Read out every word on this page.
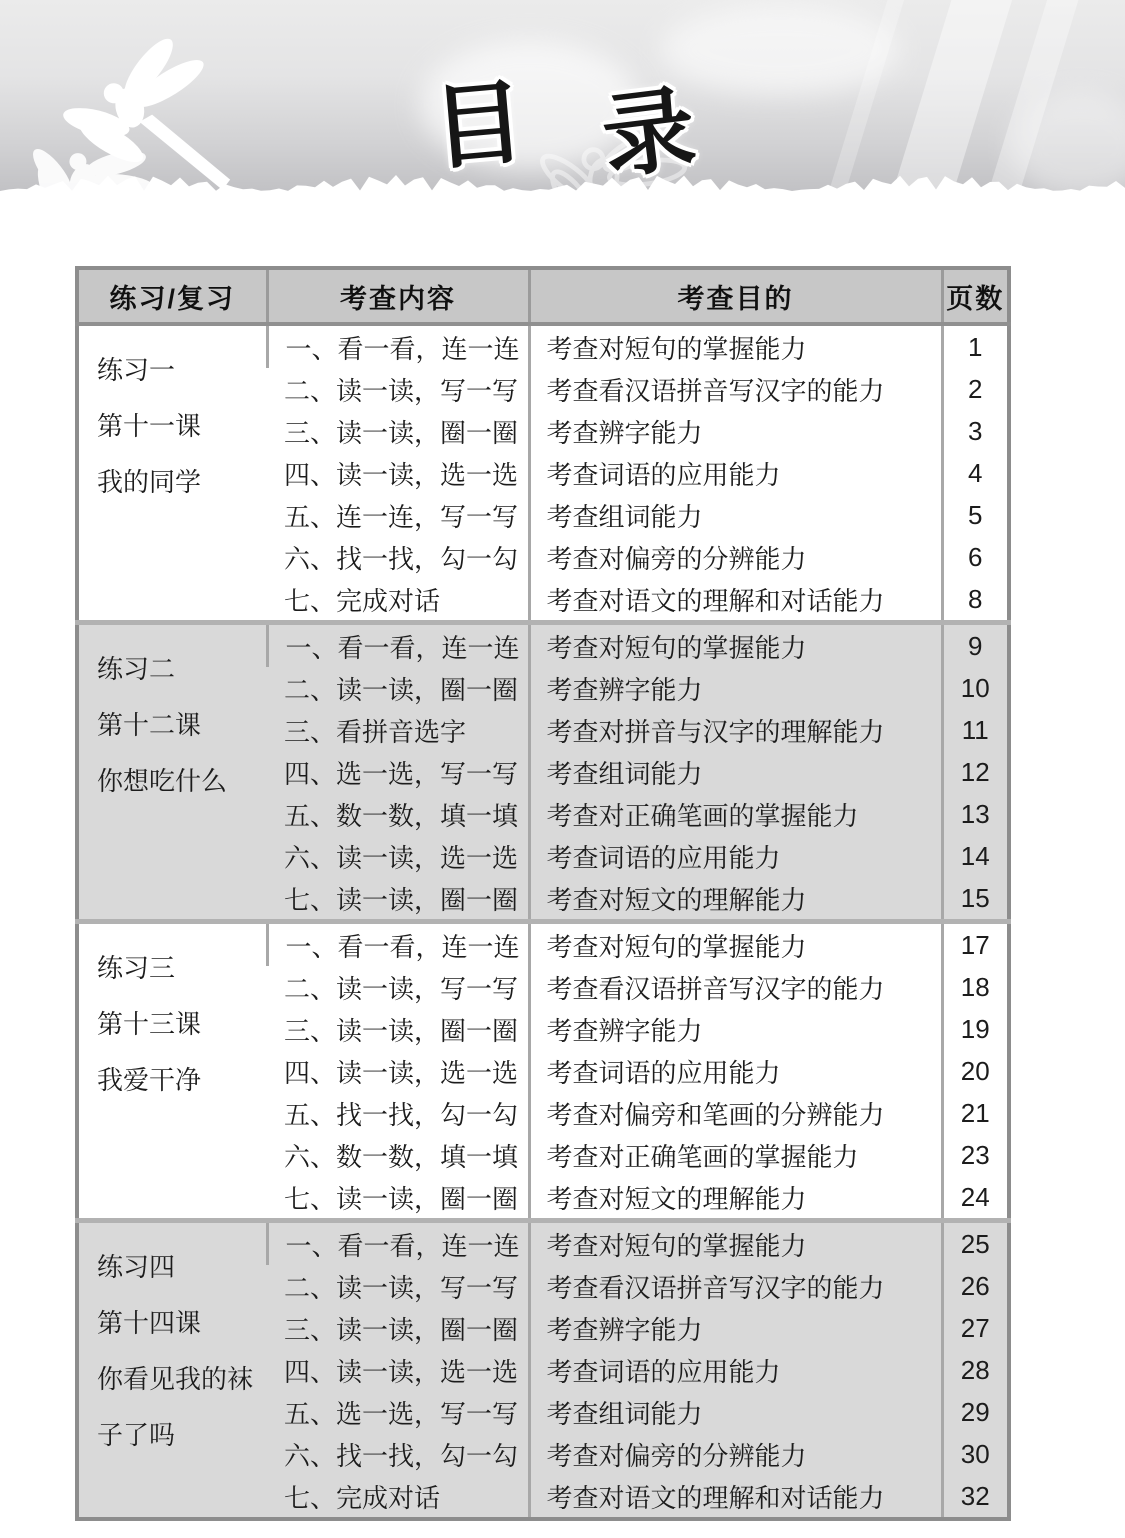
目 录
练习/复习	考查内容	考查目的	页数

练习一
第十一课
我的同学	一、看一看，连一连	考查对短句的掌握能力	1
	二、读一读，写一写	考查看汉语拼音写汉字的能力	2
	三、读一读，圈一圈	考查辨字能力	3
	四、读一读，选一选	考查词语的应用能力	4
	五、连一连，写一写	考查组词能力	5
	六、找一找，勾一勾	考查对偏旁的分辨能力	6
	七、完成对话	考查对语文的理解和对话能力	8

练习二
第十二课
你想吃什么	一、看一看，连一连	考查对短句的掌握能力	9
	二、读一读，圈一圈	考查辨字能力	10
	三、看拼音选字	考查对拼音与汉字的理解能力	11
	四、选一选，写一写	考查组词能力	12
	五、数一数，填一填	考查对正确笔画的掌握能力	13
	六、读一读，选一选	考查词语的应用能力	14
	七、读一读，圈一圈	考查对短文的理解能力	15

练习三
第十三课
我爱干净	一、看一看，连一连	考查对短句的掌握能力	17
	二、读一读，写一写	考查看汉语拼音写汉字的能力	18
	三、读一读，圈一圈	考查辨字能力	19
	四、读一读，选一选	考查词语的应用能力	20
	五、找一找，勾一勾	考查对偏旁和笔画的分辨能力	21
	六、数一数，填一填	考查对正确笔画的掌握能力	23
	七、读一读，圈一圈	考查对短文的理解能力	24

练习四
第十四课
你看见我的袜
子了吗	一、看一看，连一连	考查对短句的掌握能力	25
	二、读一读，写一写	考查看汉语拼音写汉字的能力	26
	三、读一读，圈一圈	考查辨字能力	27
	四、读一读，选一选	考查词语的应用能力	28
	五、选一选，写一写	考查组词能力	29
	六、找一找，勾一勾	考查对偏旁的分辨能力	30
	七、完成对话	考查对语文的理解和对话能力	32
